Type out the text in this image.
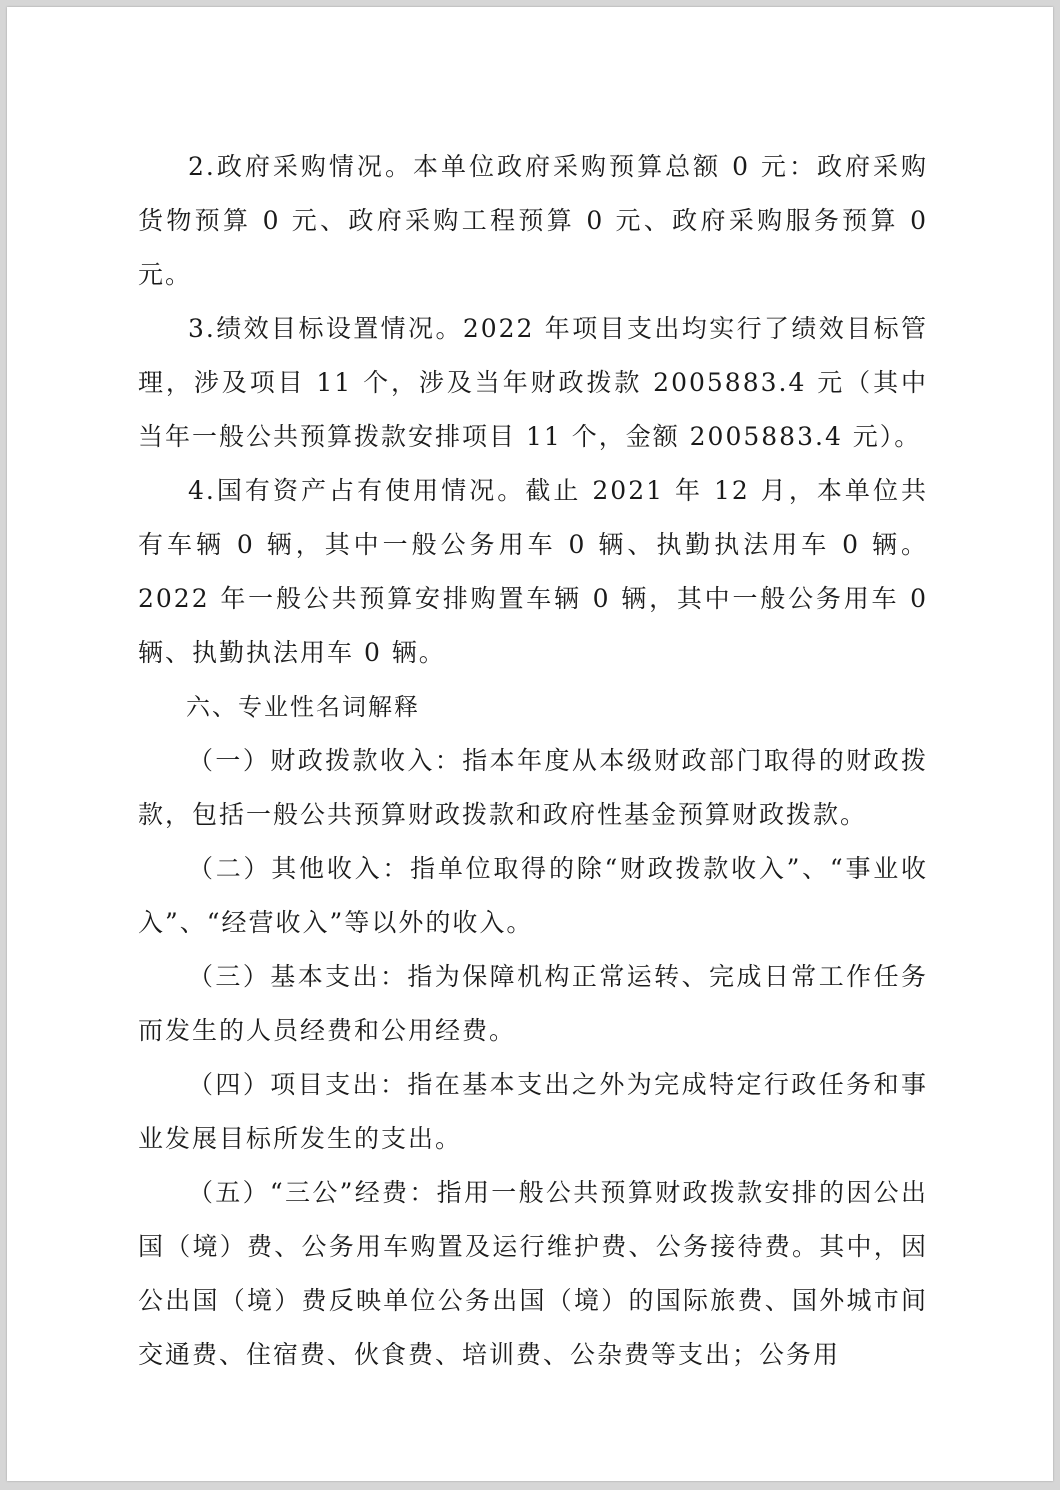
2.政府采购情况。本单位政府采购预算总额 0 元：政府采购货物预算 0 元、政府采购工程预算 0 元、政府采购服务预算 0 元。

3.绩效目标设置情况。2022 年项目支出均实行了绩效目标管理，涉及项目 11 个，涉及当年财政拨款 2005883.4 元（其中当年一般公共预算拨款安排项目 11 个，金额 2005883.4 元）。

4.国有资产占有使用情况。截止 2021 年 12 月，本单位共有车辆 0 辆，其中一般公务用车 0 辆、执勤执法用车 0 辆。2022 年一般公共预算安排购置车辆 0 辆，其中一般公务用车 0 辆、执勤执法用车 0 辆。

六、专业性名词解释

（一）财政拨款收入：指本年度从本级财政部门取得的财政拨款，包括一般公共预算财政拨款和政府性基金预算财政拨款。

（二）其他收入：指单位取得的除“财政拨款收入”、“事业收入”、“经营收入”等以外的收入。

（三）基本支出：指为保障机构正常运转、完成日常工作任务而发生的人员经费和公用经费。

（四）项目支出：指在基本支出之外为完成特定行政任务和事业发展目标所发生的支出。

（五）“三公”经费：指用一般公共预算财政拨款安排的因公出国（境）费、公务用车购置及运行维护费、公务接待费。其中，因公出国（境）费反映单位公务出国（境）的国际旅费、国外城市间交通费、住宿费、伙食费、培训费、公杂费等支出；公务用
